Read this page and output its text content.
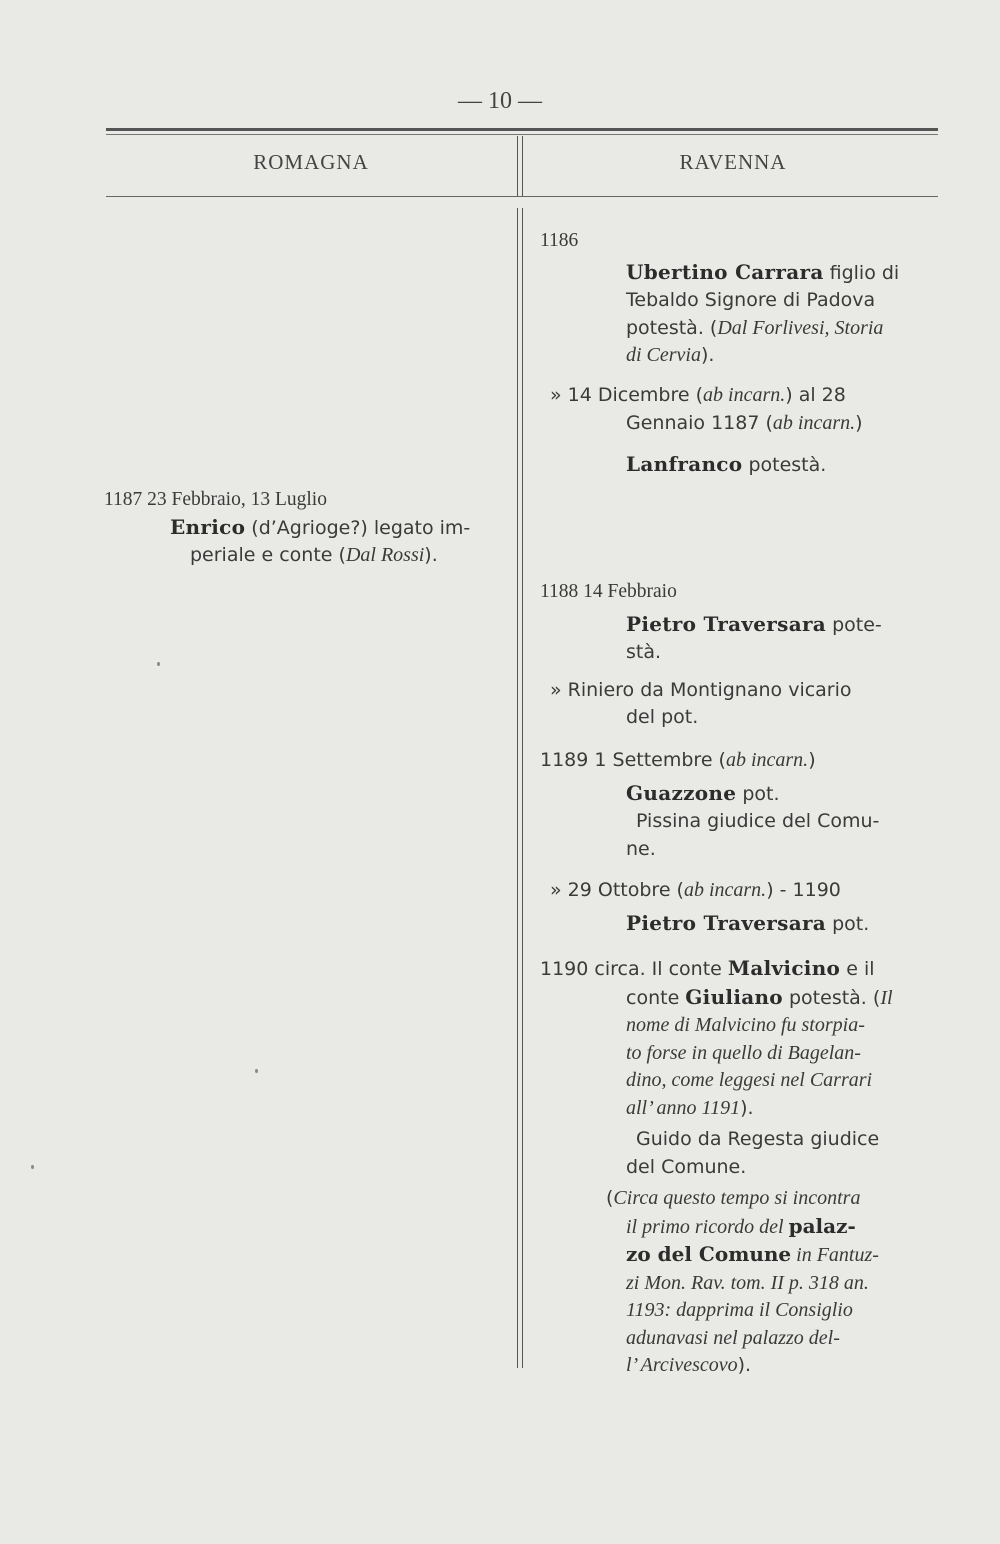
— 10 —
ROMAGNA	RAVENNA

1187 23 Febbraio, 13 Luglio

Enrico (d’Agrioge?) legato im-

periale e conte (Dal Rossi).

1186

Ubertino Carrara figlio di

Tebaldo Signore di Padova

potestà. (Dal Forlivesi, Storia

di Cervia).

» 14 Dicembre (ab incarn.) al 28

Gennaio 1187 (ab incarn.)

Lanfranco potestà.

1188 14 Febbraio

Pietro Traversara pote-

stà.

» Riniero da Montignano vicario

del pot.

1189 1 Settembre (ab incarn.)

Guazzone pot.

Pissina giudice del Comu-

ne.

» 29 Ottobre (ab incarn.) - 1190

Pietro Traversara pot.

1190 circa. Il conte Malvicino e il

conte Giuliano potestà. (Il

nome di Malvicino fu storpia-

to forse in quello di Bagelan-

dino, come leggesi nel Carrari

all’ anno 1191).

Guido da Regesta giudice

del Comune.

(Circa questo tempo si incontra

il primo ricordo del palaz-

zo del Comune in Fantuz-

zi Mon. Rav. tom. II p. 318 an.

1193: dapprima il Consiglio

adunavasi nel palazzo del-

l’ Arcivescovo).
